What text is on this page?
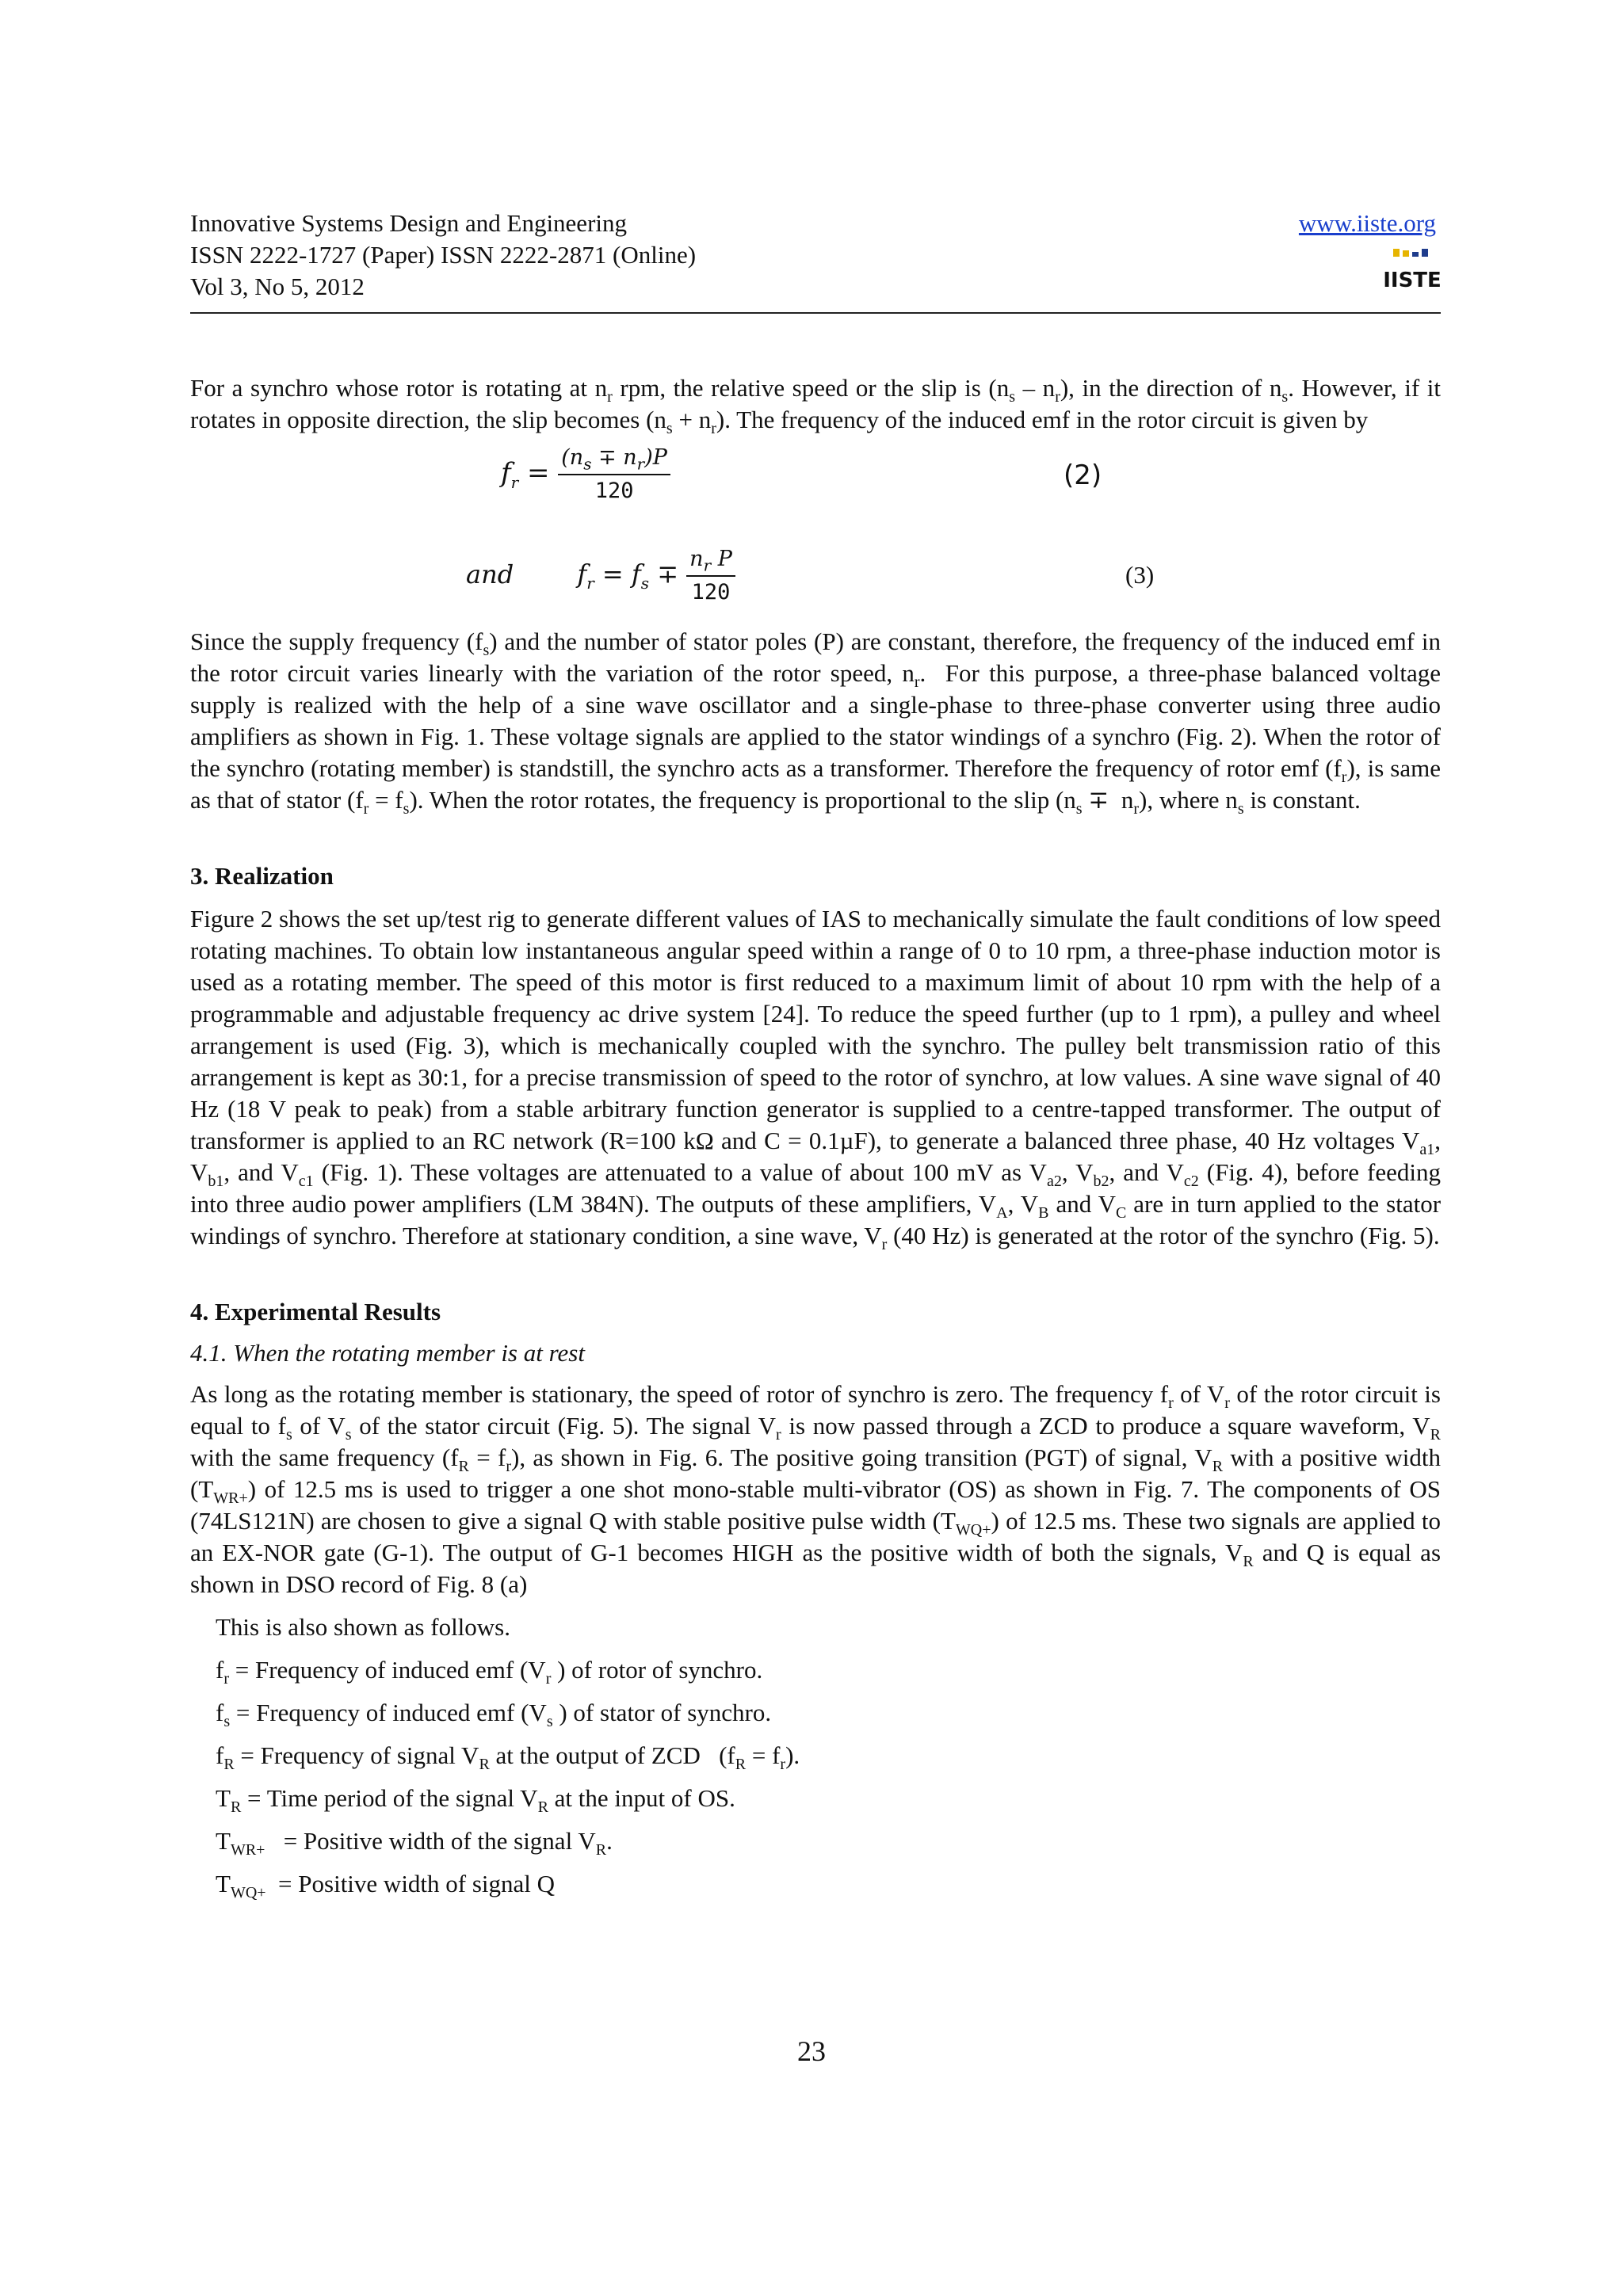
Innovative Systems Design and Engineering
ISSN 2222-1727 (Paper) ISSN 2222-2871 (Online)
Vol 3, No 5, 2012
www.iiste.org
IISTE

For a synchro whose rotor is rotating at $n_r$ rpm, the relative speed or the slip is $(n_s - n_r)$, in the direction of $n_s$. However, if it rotates in opposite direction, the slip becomes $(n_s + n_r)$. The frequency of the induced emf in the rotor circuit is given by

$f_r = \frac{(n_s \mp n_r)P}{120}$	(2)
and $f_r = f_s \mp \frac{n_r P}{120}$	(3)

Since the supply frequency $(f_s)$ and the number of stator poles (P) are constant, therefore, the frequency of the induced emf in the rotor circuit varies linearly with the variation of the rotor speed, $n_r$.  For this purpose, a three-phase balanced voltage supply is realized with the help of a sine wave oscillator and a single-phase to three-phase converter using three audio amplifiers as shown in Fig. 1. These voltage signals are applied to the stator windings of a synchro (Fig. 2). When the rotor of the synchro (rotating member) is standstill, the synchro acts as a transformer. Therefore the frequency of rotor emf $(f_r)$, is same as that of stator $(f_r = f_s)$. When the rotor rotates, the frequency is proportional to the slip $(n_s \mp n_r)$, where $n_s$ is constant.

3. Realization

Figure 2 shows the set up/test rig to generate different values of IAS to mechanically simulate the fault conditions of low speed rotating machines. To obtain low instantaneous angular speed within a range of 0 to 10 rpm, a three-phase induction motor is used as a rotating member. The speed of this motor is first reduced to a maximum limit of about 10 rpm with the help of a programmable and adjustable frequency ac drive system [24]. To reduce the speed further (up to 1 rpm), a pulley and wheel arrangement is used (Fig. 3), which is mechanically coupled with the synchro. The pulley belt transmission ratio of this arrangement is kept as 30:1, for a precise transmission of speed to the rotor of synchro, at low values. A sine wave signal of 40 Hz (18 V peak to peak) from a stable arbitrary function generator is supplied to a centre-tapped transformer. The output of transformer is applied to an RC network (R=100 kΩ and C = 0.1µF), to generate a balanced three phase, 40 Hz voltages $V_{a1}$, $V_{b1}$, and $V_{c1}$ (Fig. 1). These voltages are attenuated to a value of about 100 mV as $V_{a2}$, $V_{b2}$, and $V_{c2}$ (Fig. 4), before feeding into three audio power amplifiers (LM 384N). The outputs of these amplifiers, $V_A$, $V_B$ and $V_C$ are in turn applied to the stator windings of synchro. Therefore at stationary condition, a sine wave, $V_r$ (40 Hz) is generated at the rotor of the synchro (Fig. 5).

4. Experimental Results
4.1. When the rotating member is at rest

As long as the rotating member is stationary, the speed of rotor of synchro is zero. The frequency $f_r$ of $V_r$ of the rotor circuit is equal to $f_s$ of $V_s$ of the stator circuit (Fig. 5). The signal $V_r$ is now passed through a ZCD to produce a square waveform, $V_R$ with the same frequency $(f_R = f_r)$, as shown in Fig. 6. The positive going transition (PGT) of signal, $V_R$ with a positive width $(T_{WR+})$ of 12.5 ms is used to trigger a one shot mono-stable multi-vibrator (OS) as shown in Fig. 7. The components of OS (74LS121N) are chosen to give a signal Q with stable positive pulse width $(T_{WQ+})$ of 12.5 ms. These two signals are applied to an EX-NOR gate (G-1). The output of G-1 becomes HIGH as the positive width of both the signals, $V_R$ and Q is equal as shown in DSO record of Fig. 8 (a)

This is also shown as follows.
$f_r$ = Frequency of induced emf ($V_r$ ) of rotor of synchro.
$f_s$ = Frequency of induced emf ($V_s$ ) of stator of synchro.
$f_R$ = Frequency of signal $V_R$ at the output of ZCD   $(f_R = f_r)$.
$T_R$ = Time period of the signal $V_R$ at the input of OS.
$T_{WR+}$   = Positive width of the signal $V_R$.
$T_{WQ+}$  = Positive width of signal Q
23
